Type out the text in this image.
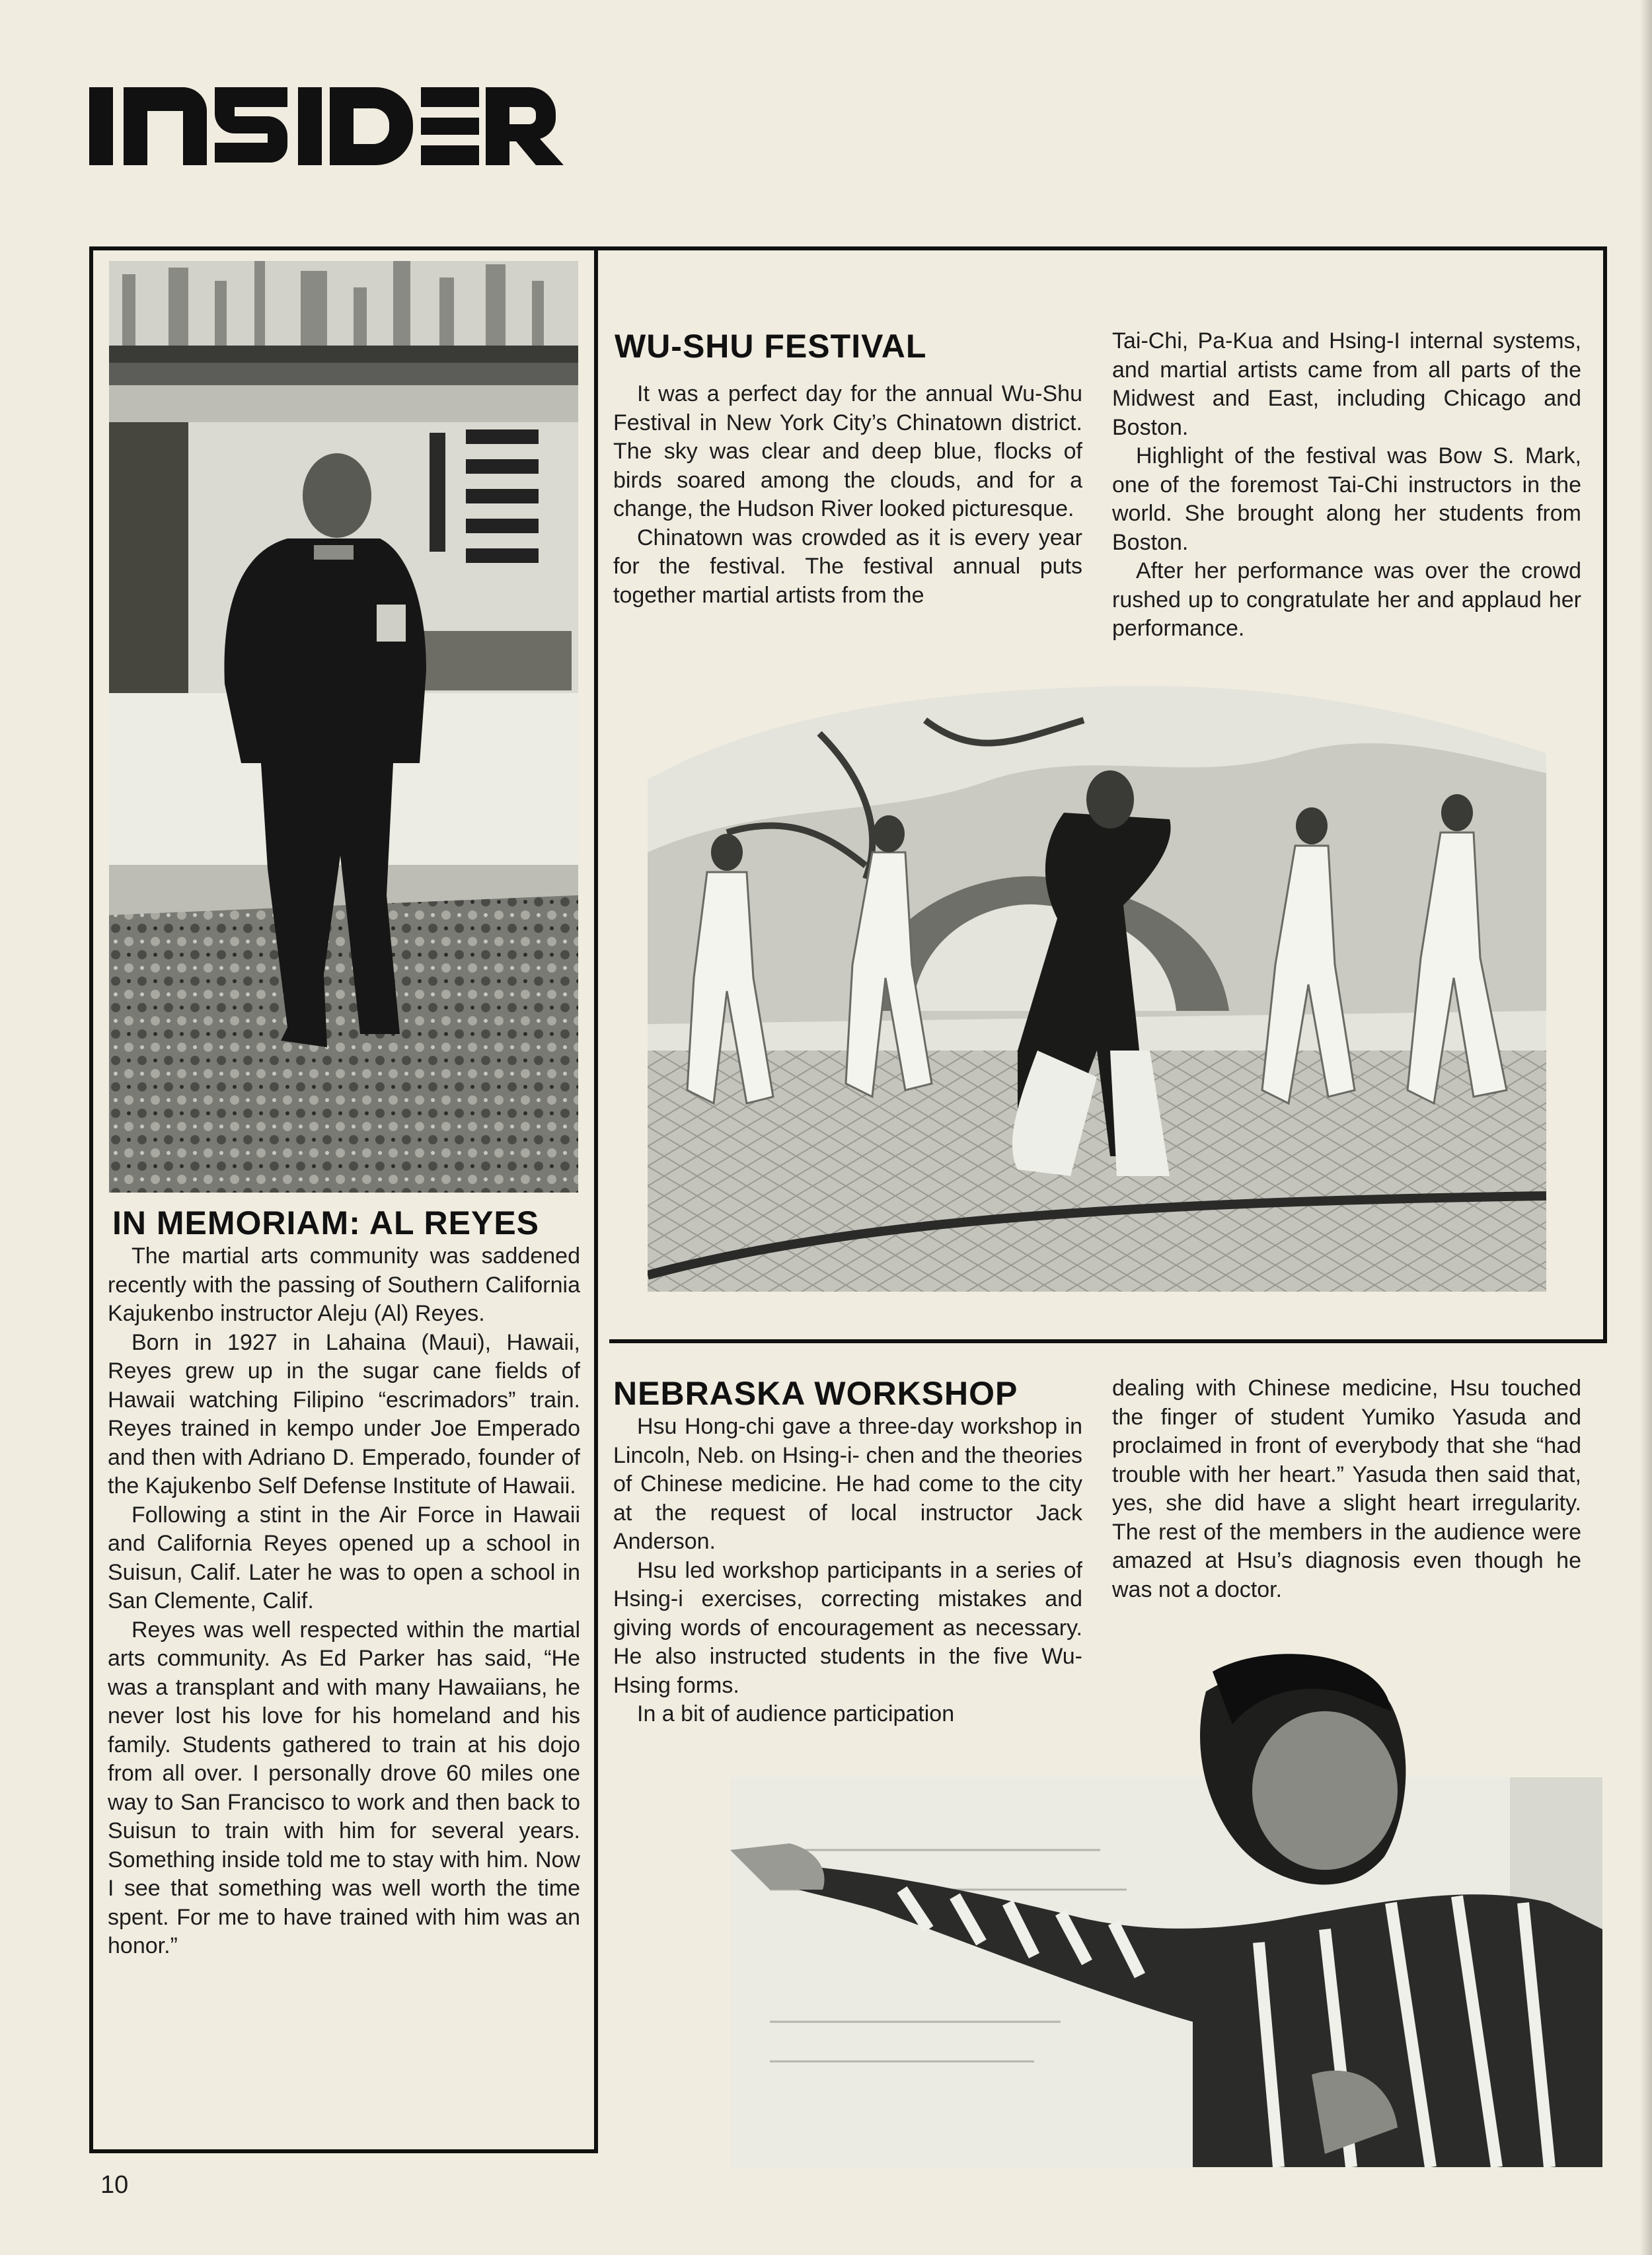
IN MEMORIAM: AL REYES

The martial arts community was saddened recently with the passing of Southern California Kajukenbo instructor Aleju (Al) Reyes.

Born in 1927 in Lahaina (Maui), Hawaii, Reyes grew up in the sugar cane fields of Hawaii watching Filipino “escrimadors” train. Reyes trained in kempo under Joe Emperado and then with Adriano D. Emperado, founder of the Kajukenbo Self Defense Institute of Hawaii.

Following a stint in the Air Force in Hawaii and California Reyes opened up a school in Suisun, Calif. Later he was to open a school in San Clemente, Calif.

Reyes was well respected within the martial arts community. As Ed Parker has said, “He was a transplant and with many Hawaiians, he never lost his love for his homeland and his family. Students gathered to train at his dojo from all over. I personally drove 60 miles one way to San Francisco to work and then back to Suisun to train with him for several years. Something inside told me to stay with him. Now I see that something was well worth the time spent. For me to have trained with him was an honor.”

WU-SHU FESTIVAL

It was a perfect day for the annual Wu-Shu Festival in New York City’s Chinatown district. The sky was clear and deep blue, flocks of birds soared among the clouds, and for a change, the Hudson River looked picturesque.

Chinatown was crowded as it is every year for the festival. The festival annual puts together martial artists from the

Tai-Chi, Pa-Kua and Hsing-I internal systems, and martial artists came from all parts of the Midwest and East, including Chicago and Boston.

Highlight of the festival was Bow S. Mark, one of the foremost Tai-Chi instructors in the world. She brought along her students from Boston.

After her performance was over the crowd rushed up to congratulate her and applaud her performance.

NEBRASKA WORKSHOP

Hsu Hong-chi gave a three-day workshop in Lincoln, Neb. on Hsing-i- chen and the theories of Chinese medicine. He had come to the city at the request of local instructor Jack Anderson.

Hsu led workshop participants in a series of Hsing-i exercises, correcting mistakes and giving words of encouragement as necessary. He also instructed students in the five Wu-Hsing forms.

In a bit of audience participation

dealing with Chinese medicine, Hsu touched the finger of student Yumiko Yasuda and proclaimed in front of everybody that she “had trouble with her heart.” Yasuda then said that, yes, she did have a slight heart irregularity. The rest of the members in the audience were amazed at Hsu’s diagnosis even though he was not a doctor.

10
